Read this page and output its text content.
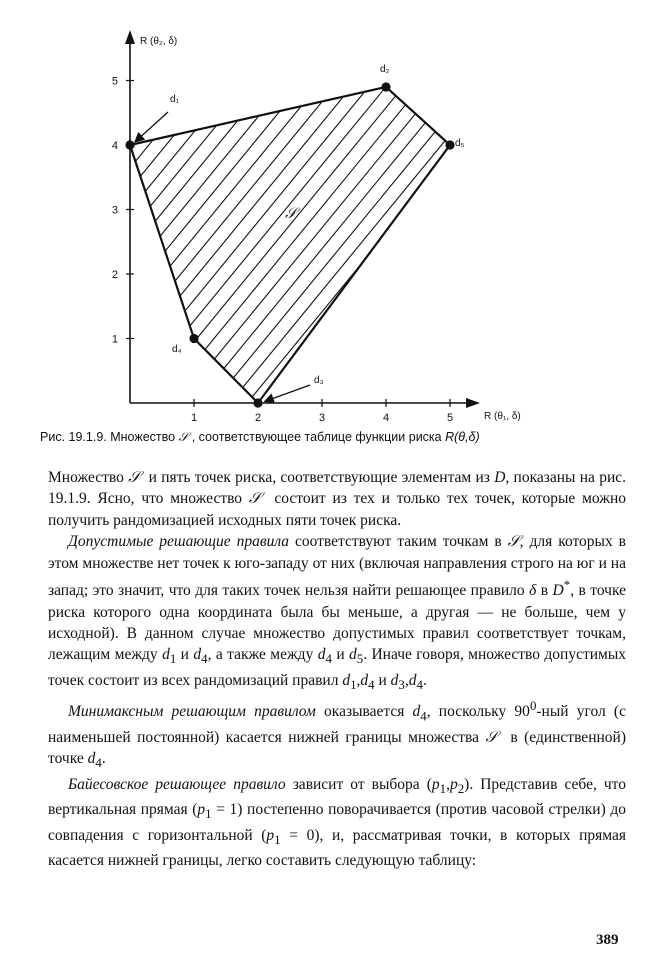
R (θ₂, δ)
R (θ₁, δ)
1	2	3	4	5
1
2
3
4
5
𝒮
d₁
d₂
d₃
d₄
d₅
Рис. 19.1.9. Множество 𝒮 , соответствующее таблице функции риска R(θ,δ)

Множество 𝒮  и пять точек риска, соответствующие элементам из D, показаны на рис. 19.1.9. Ясно, что множество 𝒮  состоит из тех и только тех точек, которые можно получить рандомизацией исходных пяти точек риска.

Допустимые решающие правила соответствуют таким точкам в 𝒮, для которых в этом множестве нет точек к юго-западу от них (включая направления строго на юг и на запад; это значит, что для таких точек нельзя найти решающее правило δ в D*, в точке риска которого одна координата была бы меньше, а другая — не больше, чем у исходной). В данном случае множество допустимых правил соответствует точкам, лежащим между $d_1$ и $d_4$, а также между $d_4$ и $d_5$. Иначе говоря, множество допустимых точек состоит из всех рандомизаций правил $d_1,d_4$ и $d_3,d_4$.

Минимаксным решающим правилом оказывается $d_4$, поскольку $90^0$-ный угол (с наименьшей постоянной) касается нижней границы множества 𝒮  в (единственной) точке $d_4$.

Байесовское решающее правило зависит от выбора $(p_1,p_2)$. Представив себе, что вертикальная прямая $(p_1 = 1)$ постепенно поворачивается (против часовой стрелки) до совпадения с горизонтальной $(p_1 = 0)$, и, рассматривая точки, в которых прямая касается нижней границы, легко составить следующую таблицу:

389
